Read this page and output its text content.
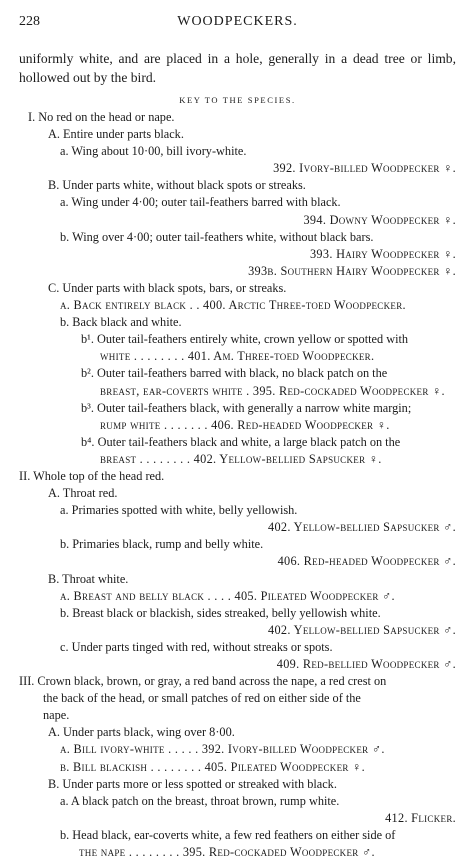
228	WOODPECKERS.

uniformly white, and are placed in a hole, generally in a dead tree or limb, hollowed out by the bird.

KEY TO THE SPECIES.
I. No red on the head or nape.
A. Entire under parts black.
a. Wing about 10·00, bill ivory-white.
392. Ivory-billed Woodpecker ♀.
B. Under parts white, without black spots or streaks.
a. Wing under 4·00; outer tail-feathers barred with black.
394. Downy Woodpecker ♀.
b. Wing over 4·00; outer tail-feathers white, without black bars.
393. Hairy Woodpecker ♀.
393b. Southern Hairy Woodpecker ♀.
C. Under parts with black spots, bars, or streaks.
a. Back entirely black . . 400. Arctic Three-toed Woodpecker.
b. Back black and white.
b¹. Outer tail-feathers entirely white, crown yellow or spotted with
white . . . . . . . . 401. Am. Three-toed Woodpecker.
b². Outer tail-feathers barred with black, no black patch on the
breast, ear-coverts white . 395. Red-cockaded Woodpecker ♀.
b³. Outer tail-feathers black, with generally a narrow white margin;
rump white . . . . . . . 406. Red-headed Woodpecker ♀.
b⁴. Outer tail-feathers black and white, a large black patch on the
breast . . . . . . . . 402. Yellow-bellied Sapsucker ♀.
II. Whole top of the head red.
A. Throat red.
a. Primaries spotted with white, belly yellowish.
402. Yellow-bellied Sapsucker ♂.
b. Primaries black, rump and belly white.
406. Red-headed Woodpecker ♂.
B. Throat white.
a. Breast and belly black . . . . 405. Pileated Woodpecker ♂.
b. Breast black or blackish, sides streaked, belly yellowish white.
402. Yellow-bellied Sapsucker ♂.
c. Under parts tinged with red, without streaks or spots.
409. Red-bellied Woodpecker ♂.
III. Crown black, brown, or gray, a red band across the nape, a red crest on
the back of the head, or small patches of red on either side of the
nape.
A. Under parts black, wing over 8·00.
a. Bill ivory-white . . . . . 392. Ivory-billed Woodpecker ♂.
b. Bill blackish . . . . . . . . 405. Pileated Woodpecker ♀.
B. Under parts more or less spotted or streaked with black.
a. A black patch on the breast, throat brown, rump white.
412. Flicker.
b. Head black, ear-coverts white, a few red feathers on either side of
the nape . . . . . . . . 395. Red-cockaded Woodpecker ♂.
